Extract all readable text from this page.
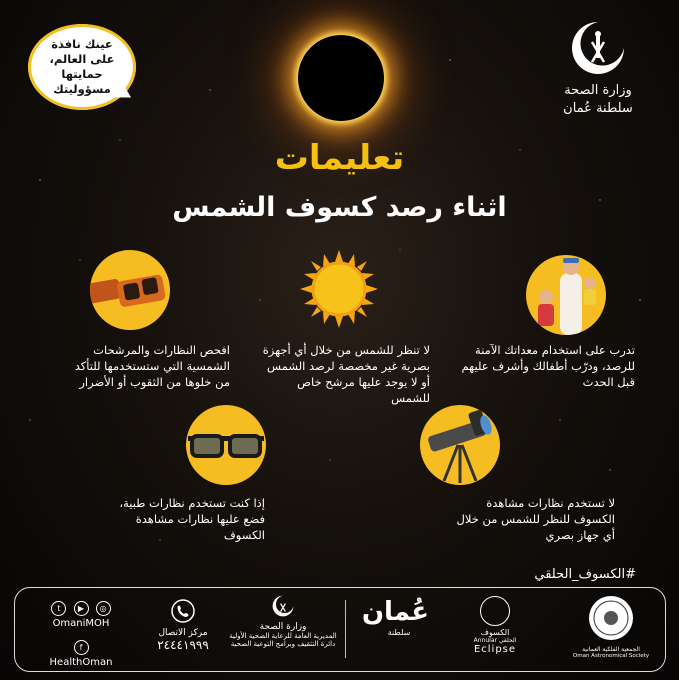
عينك نافذة
على العالم،
حمايتها
مسؤوليتك	وزارة الصحة
سلطنة عُمان
تعليمات
اثناء رصد كسوف الشمس
افحص النظارات والمرشحات الشمسية التي ستستخدمها للتأكد من خلوها من الثقوب أو الأضرار
لا تنظر للشمس من خلال أي أجهزة بصرية غير مخصصة لرصد الشمس أو لا يوجد عليها مرشح خاص للشمس
تدرب على استخدام معداتك الآمنة للرصد، ودرّب أطفالك وأشرف عليهم قبل الحدث
إذا كنت تستخدم نظارات طبية، فضع عليها نظارات مشاهدة الكسوف
لا تستخدم نظارات مشاهدة الكسوف للنظر للشمس من خلال أي جهاز بصري
#الكسوف_الحلقي
t ▶ ◎
OmaniMOH
f
HealthOman
مركز الاتصال
٢٤٤٤١٩٩٩
وزارة الصحة
المديرية العامة للرعاية الصحية الأولية
دائرة التثقيف وبرامج التوعية الصحية
عُمان
سلطنة	الكسوف
Annular الحلقي
Eclipse	الجمعية الفلكية العمانية
Oman Astronomical Society
